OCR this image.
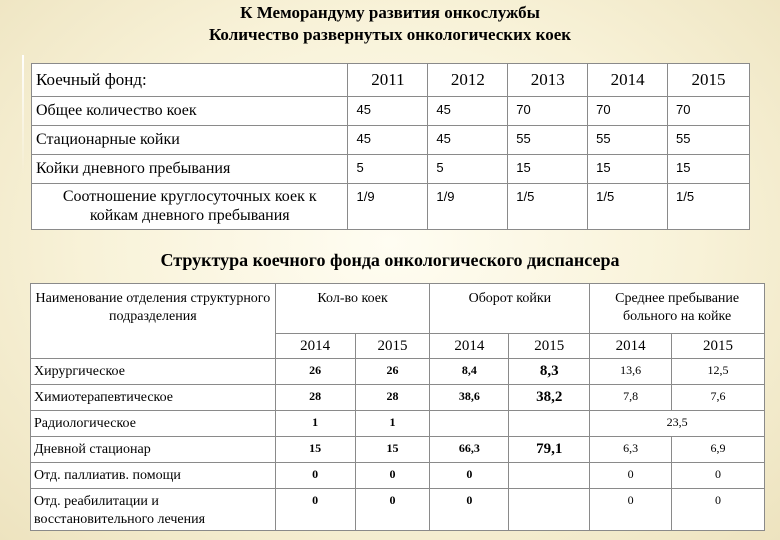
К Меморандуму развития онкослужбы
Количество развернутых онкологических коек
Коечный фонд:	2011	2012	2013	2014	2015
Общее количество коек	45	45	70	70	70
Стационарные койки	45	45	55	55	55
Койки дневного пребывания	5	5	15	15	15

Соотношение круглосуточных коек к
койкам дневного пребывания	1/9	1/9	1/5	1/5	1/5
Структура коечного фонда онкологического диспансера
Наименование отделения структурного подразделения	Кол-во коек		Оборот койки		Среднее пребывание больного на койке	
	2014	2015	2014	2015	2014	2015
Хирургическое	26	26	8,4	8,3	13,6	12,5
Химиотерапевтическое	28	28	38,6	38,2	7,8	7,6
Радиологическое	1	1			23,5	
Дневной стационар	15	15	66,3	79,1	6,3	6,9
Отд. паллиатив. помощи	0	0	0		0	0

Отд. реабилитации и
восстановительного лечения	0	0	0		0	0
